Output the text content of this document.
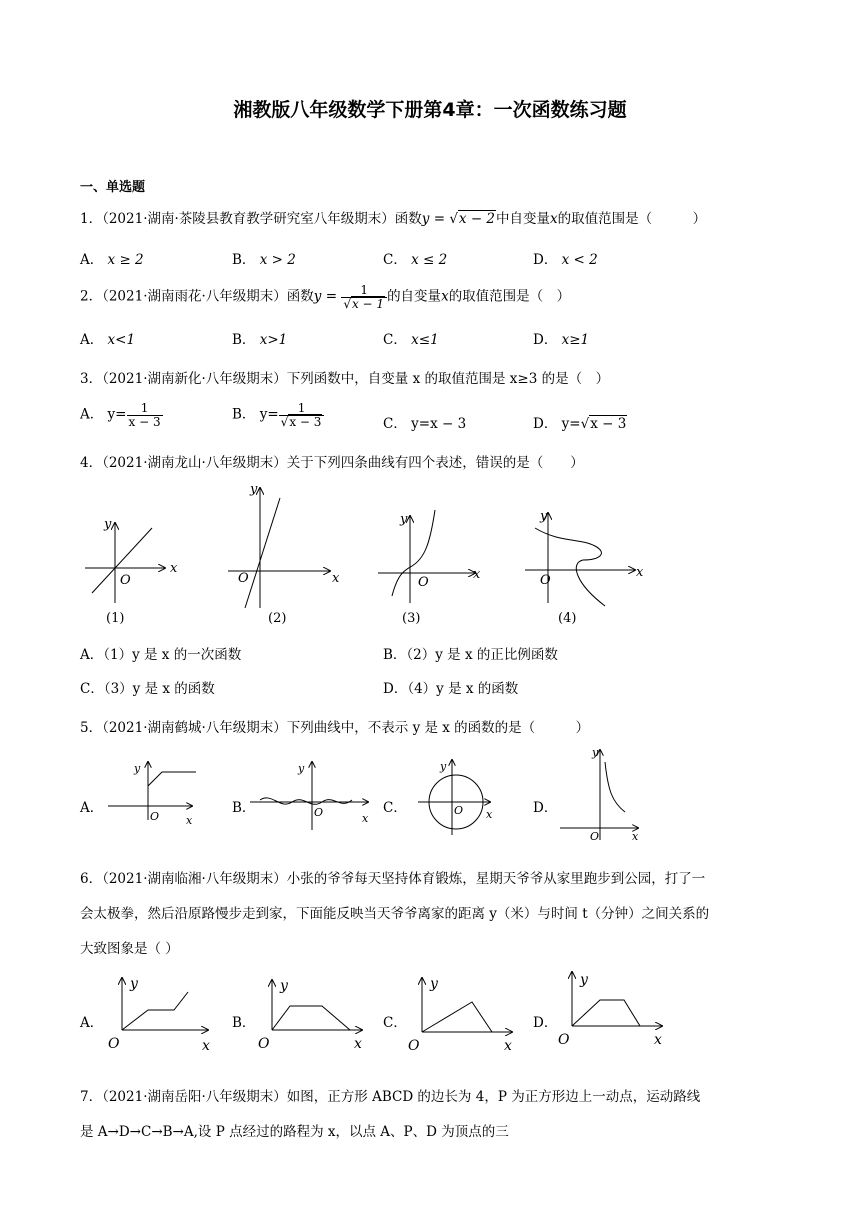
湘教版八年级数学下册第4章：一次函数练习题
一、单选题
1．（2021·湖南·茶陵县教育教学研究室八年级期末）函数y = √x − 2中自变量x的取值范围是（　　　）
A． x ≥ 2	B． x > 2	C． x ≤ 2	D． x < 2
2．（2021·湖南雨花·八年级期末）函数$y = \frac{1}{√x - 1}$ 的自变量x的取值范围是（　）
A． x<1	B． x>1	C． x≤1	D． x≥1
3．（2021·湖南新化·八年级期末）下列函数中，自变量 x 的取值范围是 x≥3 的是（　）
A． $y= \frac{1}{x - 3}$	B． $y= \frac{1}{√x - 3}$	C． y=x − 3	D． y=√x − 3
4．（2021·湖南龙山·八年级期末）关于下列四条曲线有四个表述，错误的是（　　）
x
y
O
(1)
x
y
O
(2)
x
y
O
(3)
x
y
O
(4)
A．（1）y 是 x 的一次函数	B．（2）y 是 x 的正比例函数
C．（3）y 是 x 的函数	D．（4）y 是 x 的函数
5．（2021·湖南鹤城·八年级期末）下列曲线中，不表示 y 是 x 的函数的是（　　　）
A．	B．	C．	D．
y
x
O
y
x
O
y
x
O
y
x
O
6．（2021·湖南临湘·八年级期末）小张的爷爷每天坚持体育锻炼，星期天爷爷从家里跑步到公园，打了一
会太极拳，然后沿原路慢步走到家，下面能反映当天爷爷离家的距离 y（米）与时间 t（分钟）之间关系的
大致图象是（ ）
A．	B．	C．	D．
y
x
O
y
x
O
y
x
O
y
x
O
7．（2021·湖南岳阳·八年级期末）如图，正方形 ABCD 的边长为 4，P 为正方形边上一动点，运动路线
是 A→D→C→B→A,设 P 点经过的路程为 x，以点 A、P、D 为顶点的三
